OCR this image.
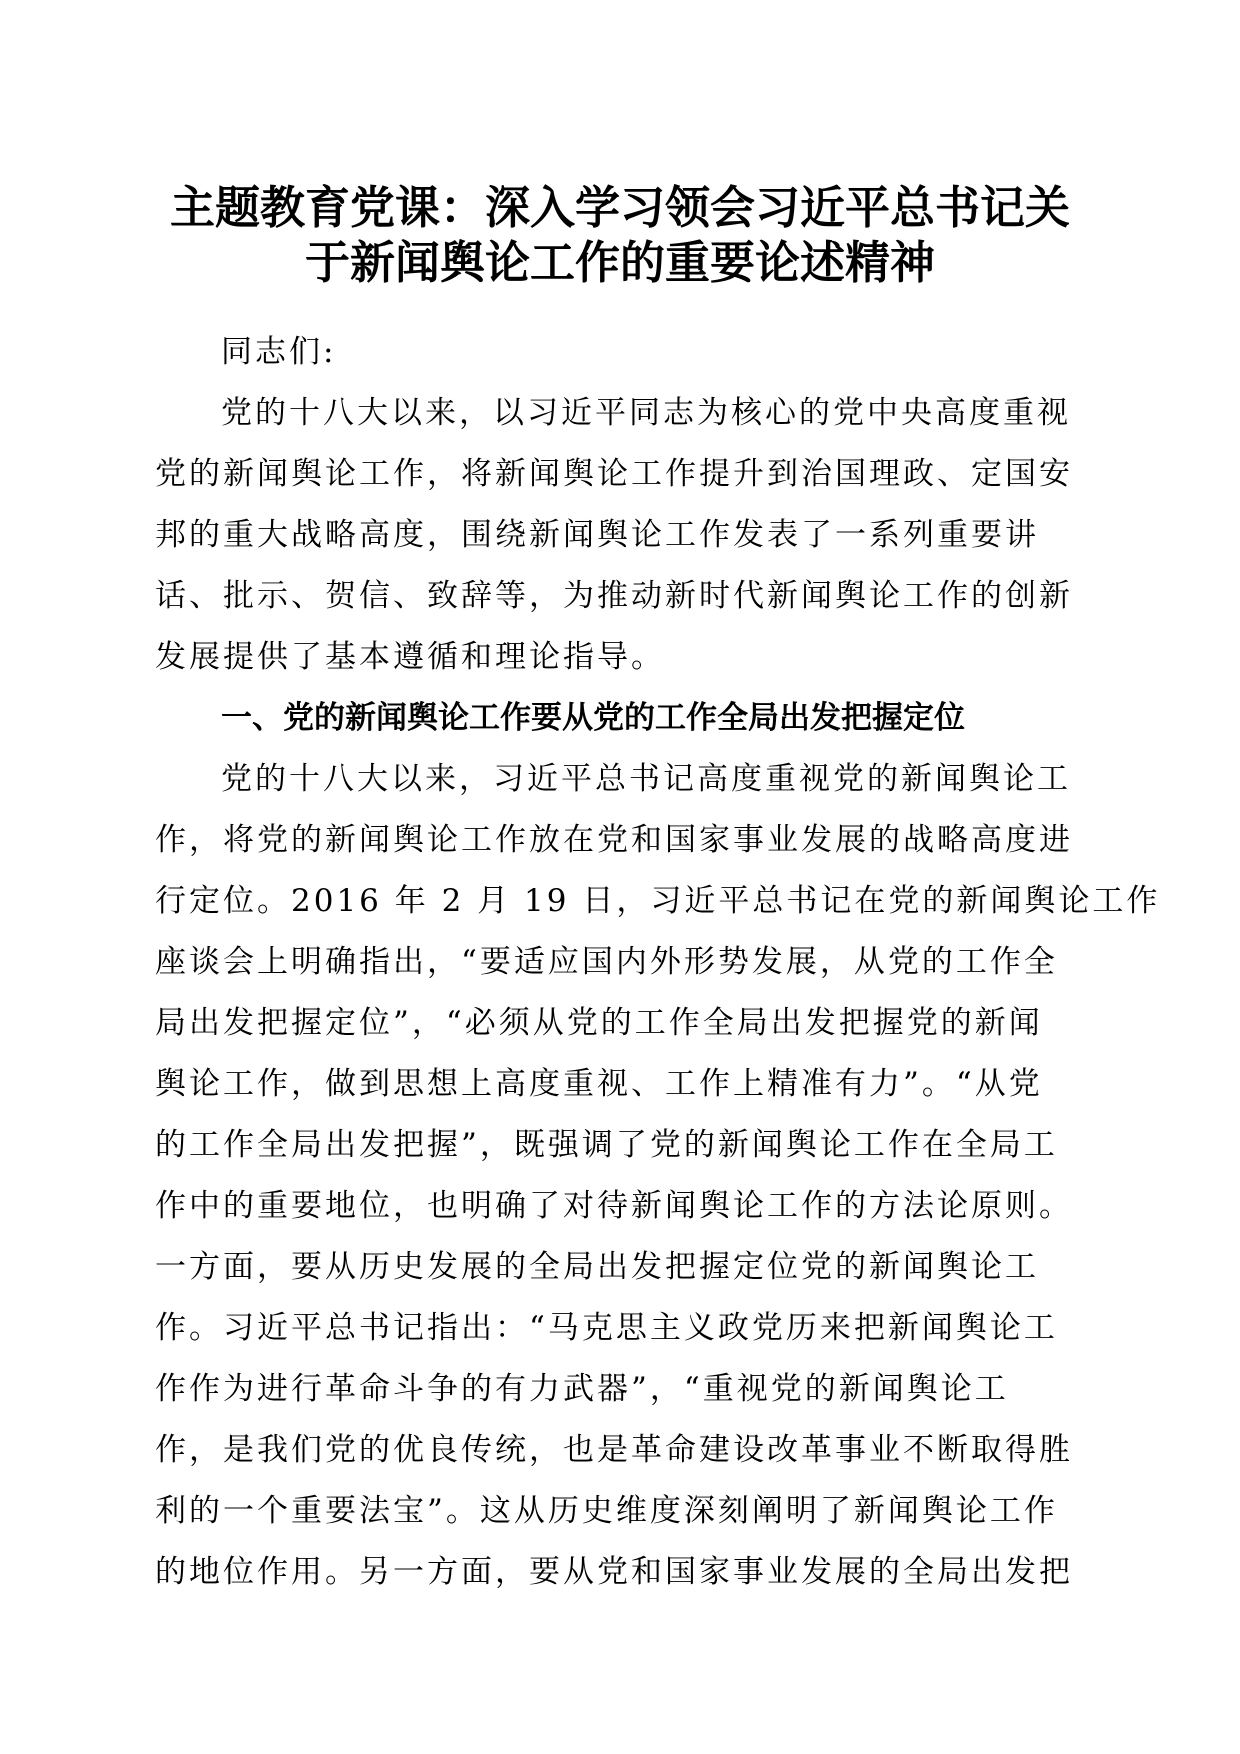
主题教育党课：深入学习领会习近平总书记关
于新闻舆论工作的重要论述精神
同志们:
党的十八大以来，以习近平同志为核心的党中央高度重视
党的新闻舆论工作，将新闻舆论工作提升到治国理政、定国安
邦的重大战略高度，围绕新闻舆论工作发表了一系列重要讲
话、批示、贺信、致辞等，为推动新时代新闻舆论工作的创新
发展提供了基本遵循和理论指导。
一、党的新闻舆论工作要从党的工作全局出发把握定位
党的十八大以来，习近平总书记高度重视党的新闻舆论工
作，将党的新闻舆论工作放在党和国家事业发展的战略高度进
行定位。2016 年 2 月 19 日，习近平总书记在党的新闻舆论工作
座谈会上明确指出，“要适应国内外形势发展，从党的工作全
局出发把握定位”，“必须从党的工作全局出发把握党的新闻
舆论工作，做到思想上高度重视、工作上精准有力”。“从党
的工作全局出发把握”，既强调了党的新闻舆论工作在全局工
作中的重要地位，也明确了对待新闻舆论工作的方法论原则。
一方面，要从历史发展的全局出发把握定位党的新闻舆论工
作。习近平总书记指出：“马克思主义政党历来把新闻舆论工
作作为进行革命斗争的有力武器”，“重视党的新闻舆论工
作，是我们党的优良传统，也是革命建设改革事业不断取得胜
利的一个重要法宝”。这从历史维度深刻阐明了新闻舆论工作
的地位作用。另一方面，要从党和国家事业发展的全局出发把
